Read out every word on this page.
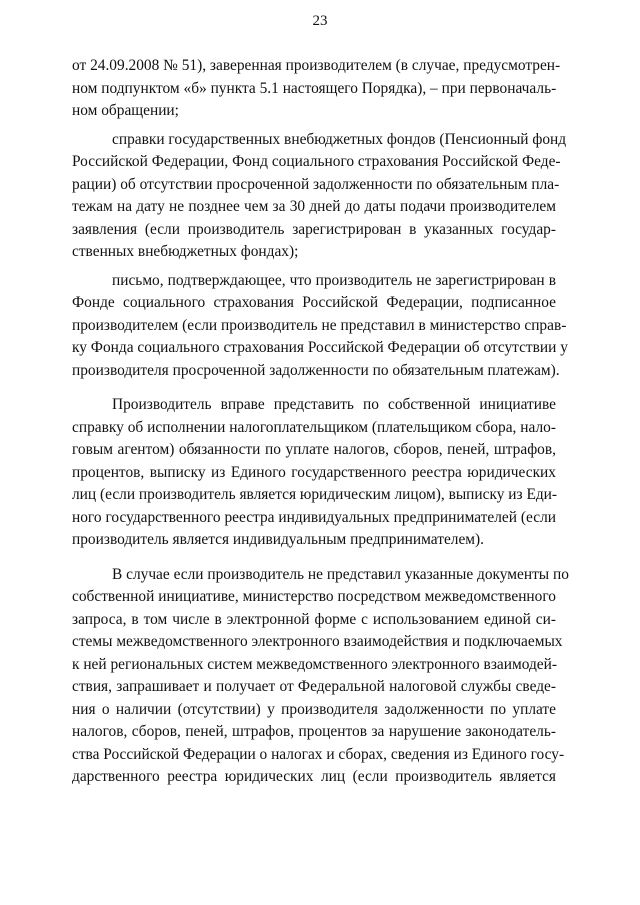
23
от 24.09.2008 № 51), заверенная производителем (в случае, предусмотрен-
ном подпунктом «б» пункта 5.1 настоящего Порядка), – при первоначаль-
ном обращении;
справки государственных внебюджетных фондов (Пенсионный фонд
Российской Федерации, Фонд социального страхования Российской Феде-
рации) об отсутствии просроченной задолженности по обязательным пла-
тежам на дату не позднее чем за 30 дней до даты подачи производителем
заявления (если производитель зарегистрирован в указанных государ-
ственных внебюджетных фондах);
письмо, подтверждающее, что производитель не зарегистрирован в
Фонде социального страхования Российской Федерации, подписанное
производителем (если производитель не представил в министерство справ-
ку Фонда социального страхования Российской Федерации об отсутствии у
производителя просроченной задолженности по обязательным платежам).
Производитель вправе представить по собственной инициативе
справку об исполнении налогоплательщиком (плательщиком сбора, нало-
говым агентом) обязанности по уплате налогов, сборов, пеней, штрафов,
процентов, выписку из Единого государственного реестра юридических
лиц (если производитель является юридическим лицом), выписку из Еди-
ного государственного реестра индивидуальных предпринимателей (если
производитель является индивидуальным предпринимателем).
В случае если производитель не представил указанные документы по
собственной инициативе, министерство посредством межведомственного
запроса, в том числе в электронной форме с использованием единой си-
стемы межведомственного электронного взаимодействия и подключаемых
к ней региональных систем межведомственного электронного взаимодей-
ствия, запрашивает и получает от Федеральной налоговой службы сведе-
ния о наличии (отсутствии) у производителя задолженности по уплате
налогов, сборов, пеней, штрафов, процентов за нарушение законодатель-
ства Российской Федерации о налогах и сборах, сведения из Единого госу-
дарственного реестра юридических лиц (если производитель является
